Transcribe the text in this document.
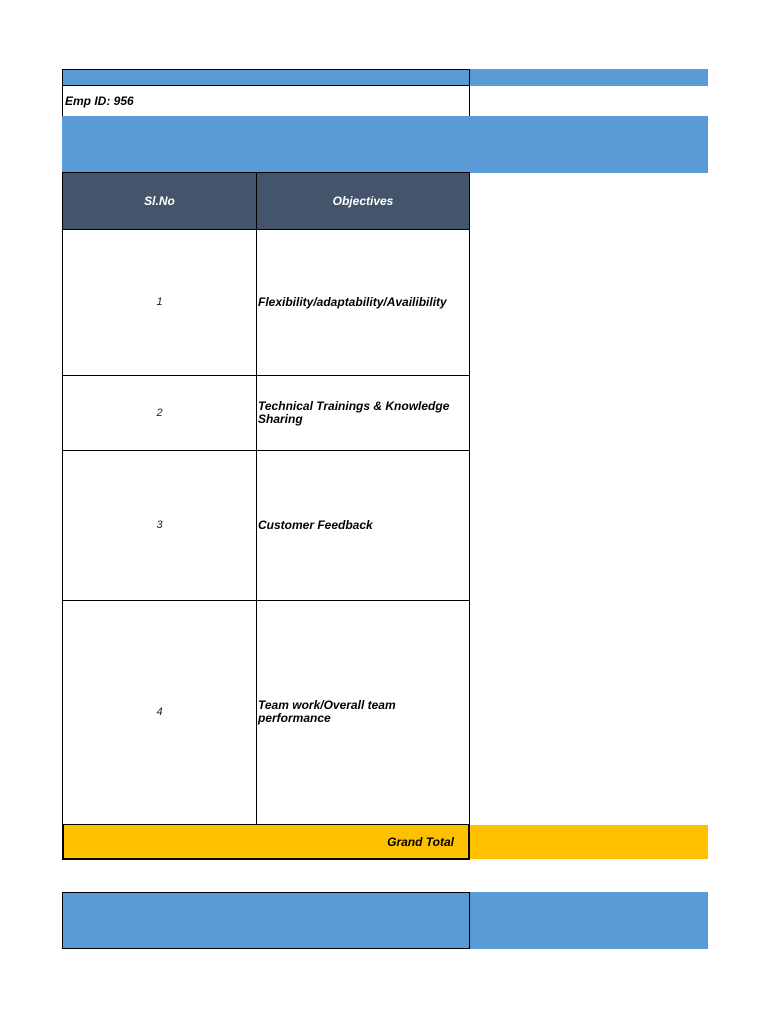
Emp ID: 956
Sl.No	Objectives
1	Flexibility/adaptability/Availibility
2	Technical Trainings & Knowledge Sharing
3	Customer Feedback
4	Team work/Overall team performance
Grand Total
